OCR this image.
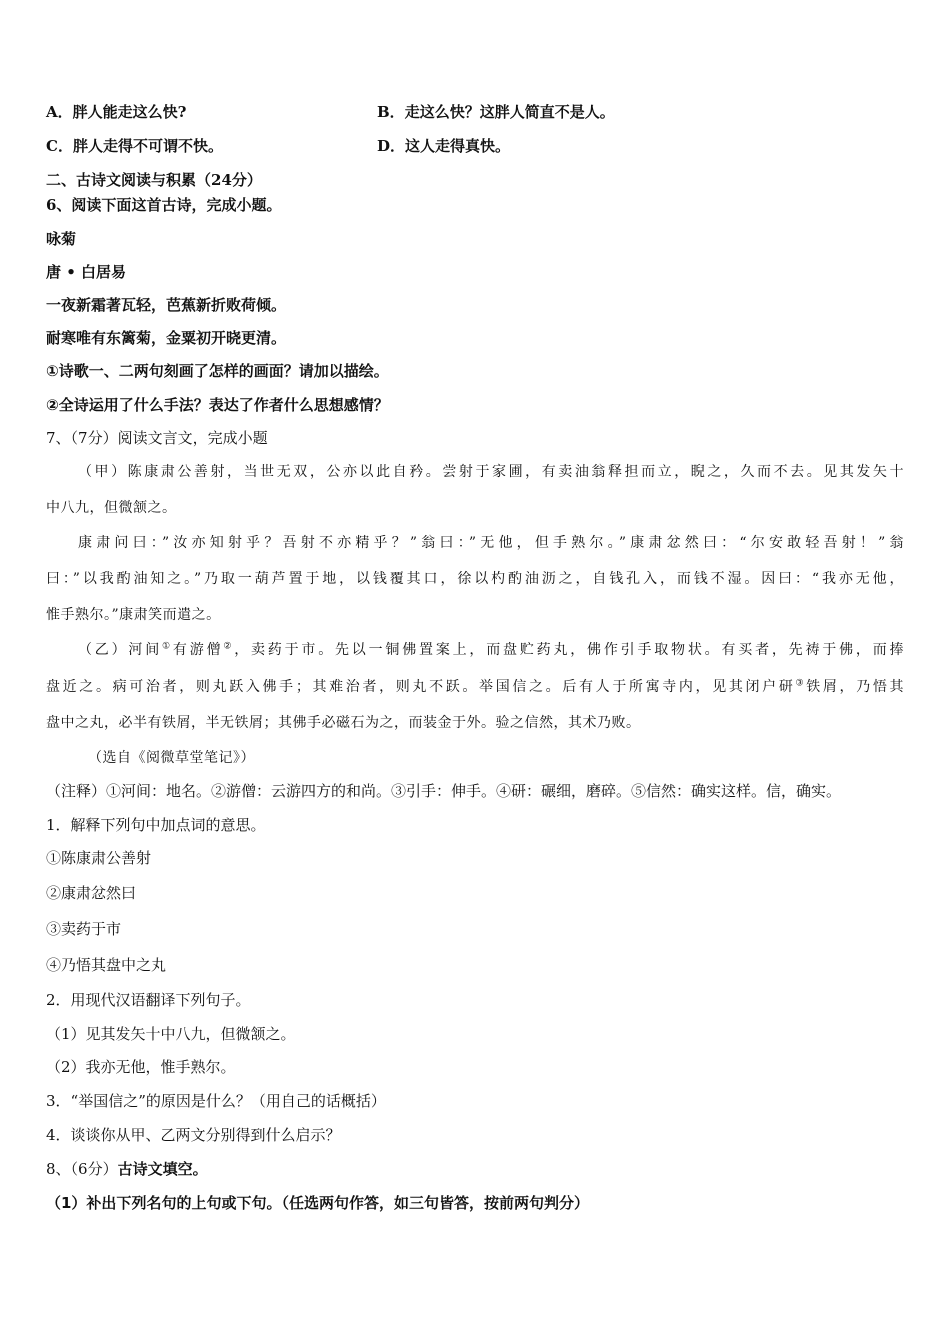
A．胖人能走这么快?	B．走这么快？这胖人简直不是人。
C．胖人走得不可谓不快。	D．这人走得真快。
二、古诗文阅读与积累（24分）
6、阅读下面这首古诗，完成小题。
咏菊
唐 • 白居易
一夜新霜著瓦轻，芭蕉新折败荷倾。
耐寒唯有东篱菊，金粟初开晓更清。
①诗歌一、二两句刻画了怎样的画面？请加以描绘。
②全诗运用了什么手法？表达了作者什么思想感情？
7、（7分）阅读文言文，完成小题
（甲）陈康肃公善射，当世无双，公亦以此自矜。尝射于家圃，有卖油翁释担而立，睨之，久而不去。见其发矢十
中八九，但微颔之。
康肃问曰：”汝亦知射乎？吾射不亦精乎？”翁曰：”无他，但手熟尔。”康肃忿然曰：“尔安敢轻吾射！”翁
曰：”以我酌油知之。”乃取一葫芦置于地，以钱覆其口，徐以杓酌油沥之，自钱孔入，而钱不湿。因曰：“我亦无他，
惟手熟尔。”康肃笑而遣之。
（乙）河间①有游僧②，卖药于市。先以一铜佛置案上，而盘贮药丸，佛作引手取物状。有买者，先祷于佛，而捧
盘近之。病可治者，则丸跃入佛手；其难治者，则丸不跃。举国信之。后有人于所寓寺内，见其闭户研③铁屑，乃悟其
盘中之丸，必半有铁屑，半无铁屑；其佛手必磁石为之，而装金于外。验之信然，其术乃败。
（选自《阅微草堂笔记》）
（注释）①河间：地名。②游僧：云游四方的和尚。③引手：伸手。④研：碾细，磨碎。⑤信然：确实这样。信，确实。
1．解释下列句中加点词的意思。
①陈康肃公善射
②康肃忿然曰
③卖药于市
④乃悟其盘中之丸
2．用现代汉语翻译下列句子。
（1）见其发矢十中八九，但微颔之。
（2）我亦无他，惟手熟尔。
3．“举国信之”的原因是什么？（用自己的话概括）
4．谈谈你从甲、乙两文分别得到什么启示？
8、（6分）古诗文填空。
（1）补出下列名句的上句或下句。（任选两句作答，如三句皆答，按前两句判分）
